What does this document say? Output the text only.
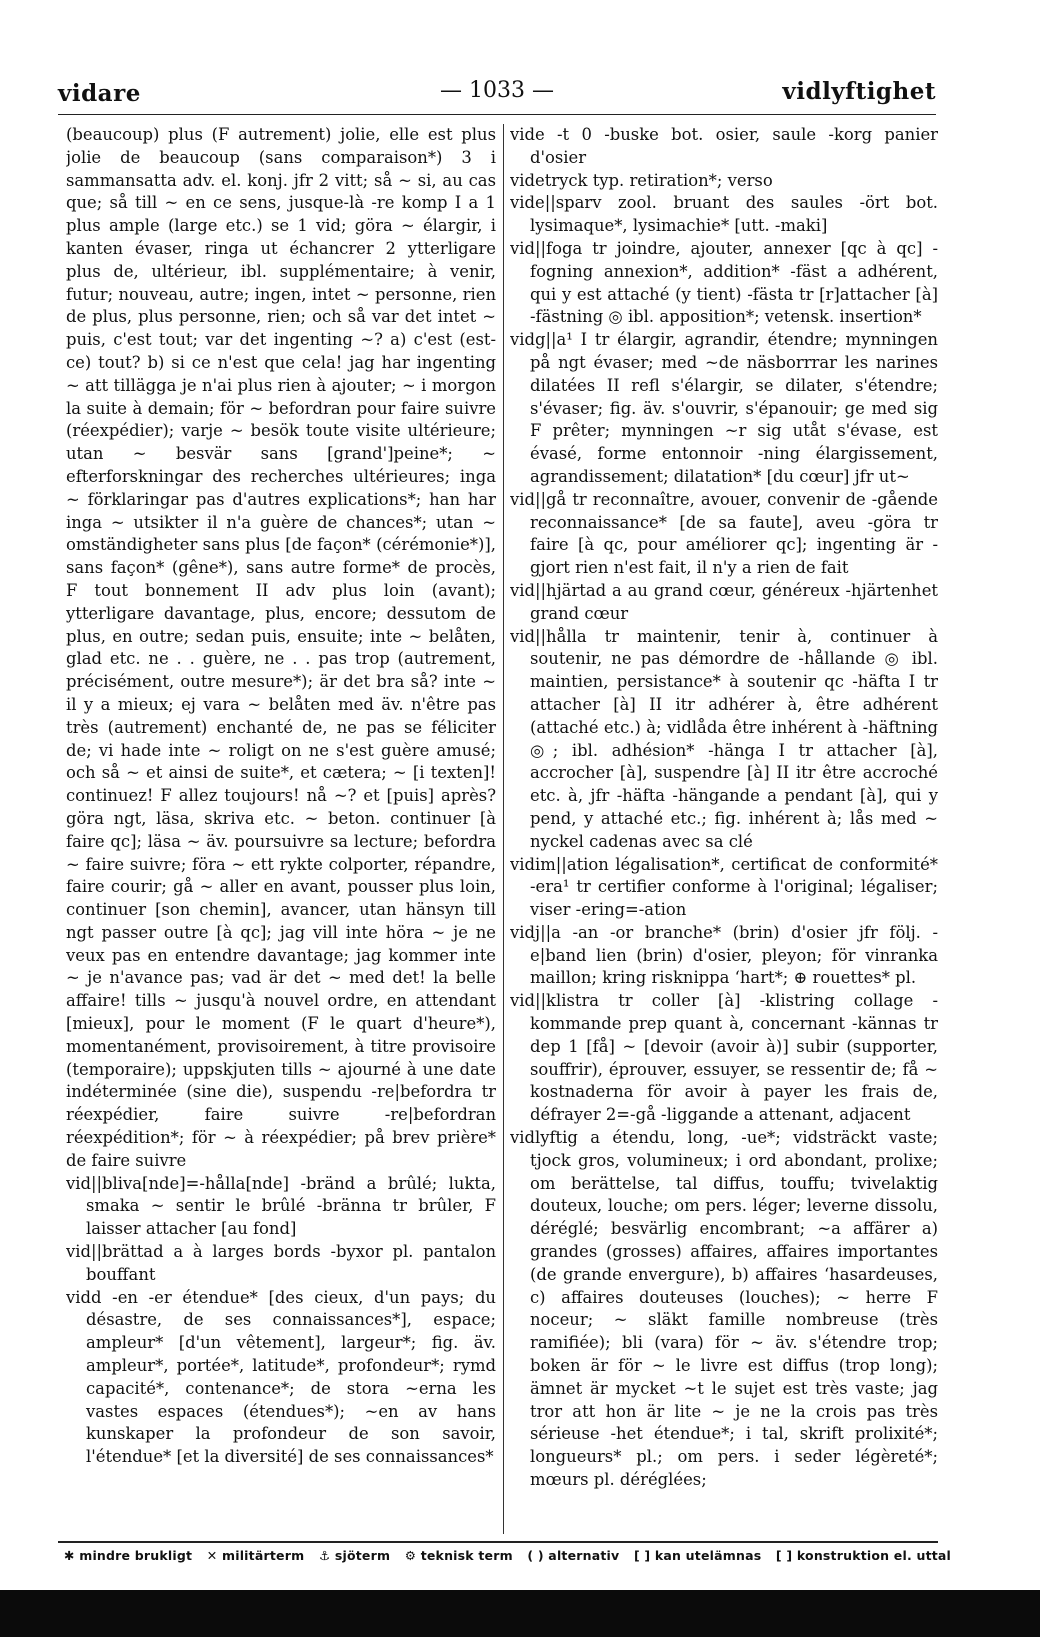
vidare	— 1033 —	vidlyftighet

(beaucoup) plus (F autrement) jolie, elle est plus jolie de beaucoup (sans comparaison*) 3 i sammansatta adv. el. konj. jfr 2 vitt; så ~ si, au cas que; så till ~ en ce sens, jusque-là -re komp I a 1 plus ample (large etc.) se 1 vid; göra ~ élargir, i kanten évaser, ringa ut échancrer 2 ytterligare plus de, ultérieur, ibl. supplémentaire; à venir, futur; nouveau, autre; ingen, intet ~ personne, rien de plus, plus personne, rien; och så var det intet ~ puis, c'est tout; var det ingenting ~? a) c'est (est-ce) tout? b) si ce n'est que cela! jag har ingenting ~ att tillägga je n'ai plus rien à ajouter; ~ i morgon la suite à demain; för ~ befordran pour faire suivre (réexpédier); varje ~ besök toute visite ultérieure; utan ~ besvär sans [grand']peine*; ~ efterforskningar des recherches ultérieures; inga ~ förklaringar pas d'autres explications*; han har inga ~ utsikter il n'a guère de chances*; utan ~ omständigheter sans plus [de façon* (cérémonie*)], sans façon* (gêne*), sans autre forme* de procès, F tout bonnement II adv plus loin (avant); ytterligare davantage, plus, encore; dessutom de plus, en outre; sedan puis, ensuite; inte ~ belåten, glad etc. ne . . guère, ne . . pas trop (autrement, précisément, outre mesure*); är det bra så? inte ~ il y a mieux; ej vara ~ belåten med äv. n'être pas très (autrement) enchanté de, ne pas se féliciter de; vi hade inte ~ roligt on ne s'est guère amusé; och så ~ et ainsi de suite*, et cætera; ~ [i texten]! continuez! F allez toujours! nå ~? et [puis] après? göra ngt, läsa, skriva etc. ~ beton. continuer [à faire qc]; läsa ~ äv. poursuivre sa lecture; befordra ~ faire suivre; föra ~ ett rykte colporter, répandre, faire courir; gå ~ aller en avant, pousser plus loin, continuer [son chemin], avancer, utan hänsyn till ngt passer outre [à qc]; jag vill inte höra ~ je ne veux pas en entendre davantage; jag kommer inte ~ je n'avance pas; vad är det ~ med det! la belle affaire! tills ~ jusqu'à nouvel ordre, en attendant [mieux], pour le moment (F le quart d'heure*), momentanément, provisoirement, à titre provisoire (temporaire); uppskjuten tills ~ ajourné à une date indéterminée (sine die), suspendu -re|befordra tr réexpédier, faire suivre -re|befordran réexpédition*; för ~ à réexpédier; på brev prière* de faire suivre

vid||bliva[nde]=-hålla[nde] -bränd a brûlé; lukta, smaka ~ sentir le brûlé -bränna tr brûler, F laisser attacher [au fond]

vid||brättad a à larges bords -byxor pl. pantalon bouffant

vidd -en -er étendue* [des cieux, d'un pays; du désastre, de ses connaissances*], espace; ampleur* [d'un vêtement], largeur*; fig. äv. ampleur*, portée*, latitude*, profondeur*; rymd capacité*, contenance*; de stora ~erna les vastes espaces (étendues*); ~en av hans kunskaper la profondeur de son savoir, l'étendue* [et la diversité] de ses connaissances*

vide -t 0 -buske bot. osier, saule -korg panier d'osier

videtryck typ. retiration*; verso

vide||sparv zool. bruant des saules -ört bot. lysimaque*, lysimachie* [utt. -maki]

vid||foga tr joindre, ajouter, annexer [qc à qc] -fogning annexion*, addition* -fäst a adhérent, qui y est attaché (y tient) -fästa tr [r]attacher [à] -fästning ◎ ibl. apposition*; vetensk. insertion*

vidg||a¹ I tr élargir, agrandir, étendre; mynningen på ngt évaser; med ~de näsborrrar les narines dilatées II refl s'élargir, se dilater, s'étendre; s'évaser; fig. äv. s'ouvrir, s'épanouir; ge med sig F prêter; mynningen ~r sig utåt s'évase, est évasé, forme entonnoir -ning élargissement, agrandissement; dilatation* [du cœur] jfr ut~

vid||gå tr reconnaître, avouer, convenir de -gående reconnaissance* [de sa faute], aveu -göra tr faire [à qc, pour améliorer qc]; ingenting är -gjort rien n'est fait, il n'y a rien de fait

vid||hjärtad a au grand cœur, généreux -hjärtenhet grand cœur

vid||hålla tr maintenir, tenir à, continuer à soutenir, ne pas démordre de -hållande ◎ ibl. maintien, persistance* à soutenir qc -häfta I tr attacher [à] II itr adhérer à, être adhérent (attaché etc.) à; vidlåda être inhérent à -häftning ◎; ibl. adhésion* -hänga I tr attacher [à], accrocher [à], suspendre [à] II itr être accroché etc. à, jfr -häfta -hängande a pendant [à], qui y pend, y attaché etc.; fig. inhérent à; lås med ~ nyckel cadenas avec sa clé

vidim||ation légalisation*, certificat de conformité* -era¹ tr certifier conforme à l'original; légaliser; viser -ering=-ation

vidj||a -an -or branche* (brin) d'osier jfr följ. -e|band lien (brin) d'osier, pleyon; för vinranka maillon; kring risknippa ʻhart*; ⊕ rouettes* pl.

vid||klistra tr coller [à] -klistring collage -kommande prep quant à, concernant -kännas tr dep 1 [få] ~ [devoir (avoir à)] subir (supporter, souffrir), éprouver, essuyer, se ressentir de; få ~ kostnaderna för avoir à payer les frais de, défrayer 2=-gå -liggande a attenant, adjacent

vidlyftig a étendu, long, -ue*; vidsträckt vaste; tjock gros, volumineux; i ord abondant, prolixe; om berättelse, tal diffus, touffu; tvivelaktig douteux, louche; om pers. léger; leverne dissolu, déréglé; besvärlig encombrant; ~a affärer a) grandes (grosses) affaires, affaires importantes (de grande envergure), b) affaires ʻhasardeuses, c) affaires douteuses (louches); ~ herre F noceur; ~ släkt famille nombreuse (très ramifiée); bli (vara) för ~ äv. s'étendre trop; boken är för ~ le livre est diffus (trop long); ämnet är mycket ~t le sujet est très vaste; jag tror att hon är lite ~ je ne la crois pas très sérieuse -het étendue*; i tal, skrift prolixité*; longueurs* pl.; om pers. i seder légèreté*; mœurs pl. déréglées;

✱ mindre brukligt ✕ militärterm ⚓ sjöterm ⚙ teknisk term ( ) alternativ [ ] kan utelämnas [ ] konstruktion el. uttal
